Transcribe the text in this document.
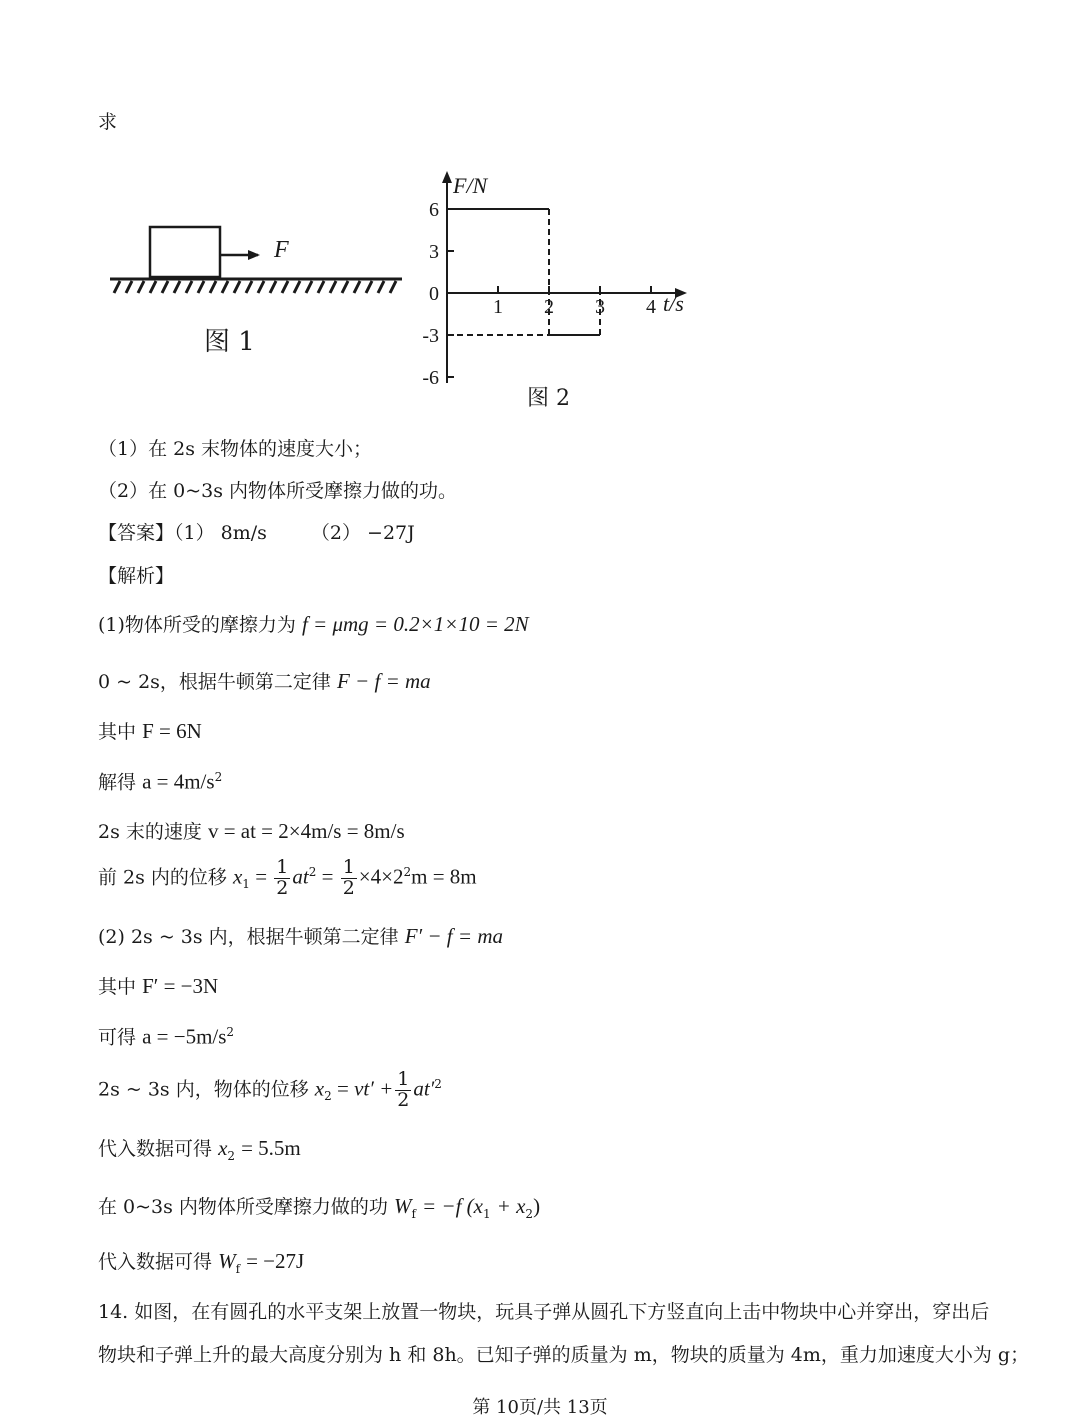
求
F
图 1
F/N
t/s
6
3
0
-3
-6
1 2 3 4
图 2
（1）在 2s 末物体的速度大小；
（2）在 0~3s 内物体所受摩擦力做的功。
【答案】（1） 8m/s （2） −27J
【解析】
(1)物体所受的摩擦力为 f = μmg = 0.2×1×10 = 2N
0 ~ 2s，根据牛顿第二定律 F − f = ma
其中 F = 6N
解得 $a = 4m/s^2$
2s 末的速度 v = at = 2×4m/s = 8m/s
前 2s 内的位移 $x_1 = \frac{1}{2} at^2 = \frac{1}{2} \times 4\times 2^2m = 8m$
(2) 2s ~ 3s 内，根据牛顿第二定律 F′ − f = ma
其中 F′ = −3N
可得 $a = -5m/s^2$
2s ~ 3s 内，物体的位移 $x_2 = vt' + \frac{1}{2} at'^2$
代入数据可得 $x_2 = 5.5m$
在 0~3s 内物体所受摩擦力做的功 $W_f = -f$ $(x_1 + x_2)$
代入数据可得 $W_f = -27J$
14. 如图，在有圆孔的水平支架上放置一物块，玩具子弹从圆孔下方竖直向上击中物块中心并穿出，穿出后
物块和子弹上升的最大高度分别为 h 和 8h。已知子弹的质量为 m，物块的质量为 4m，重力加速度大小为 g；
第 10页/共 13页
